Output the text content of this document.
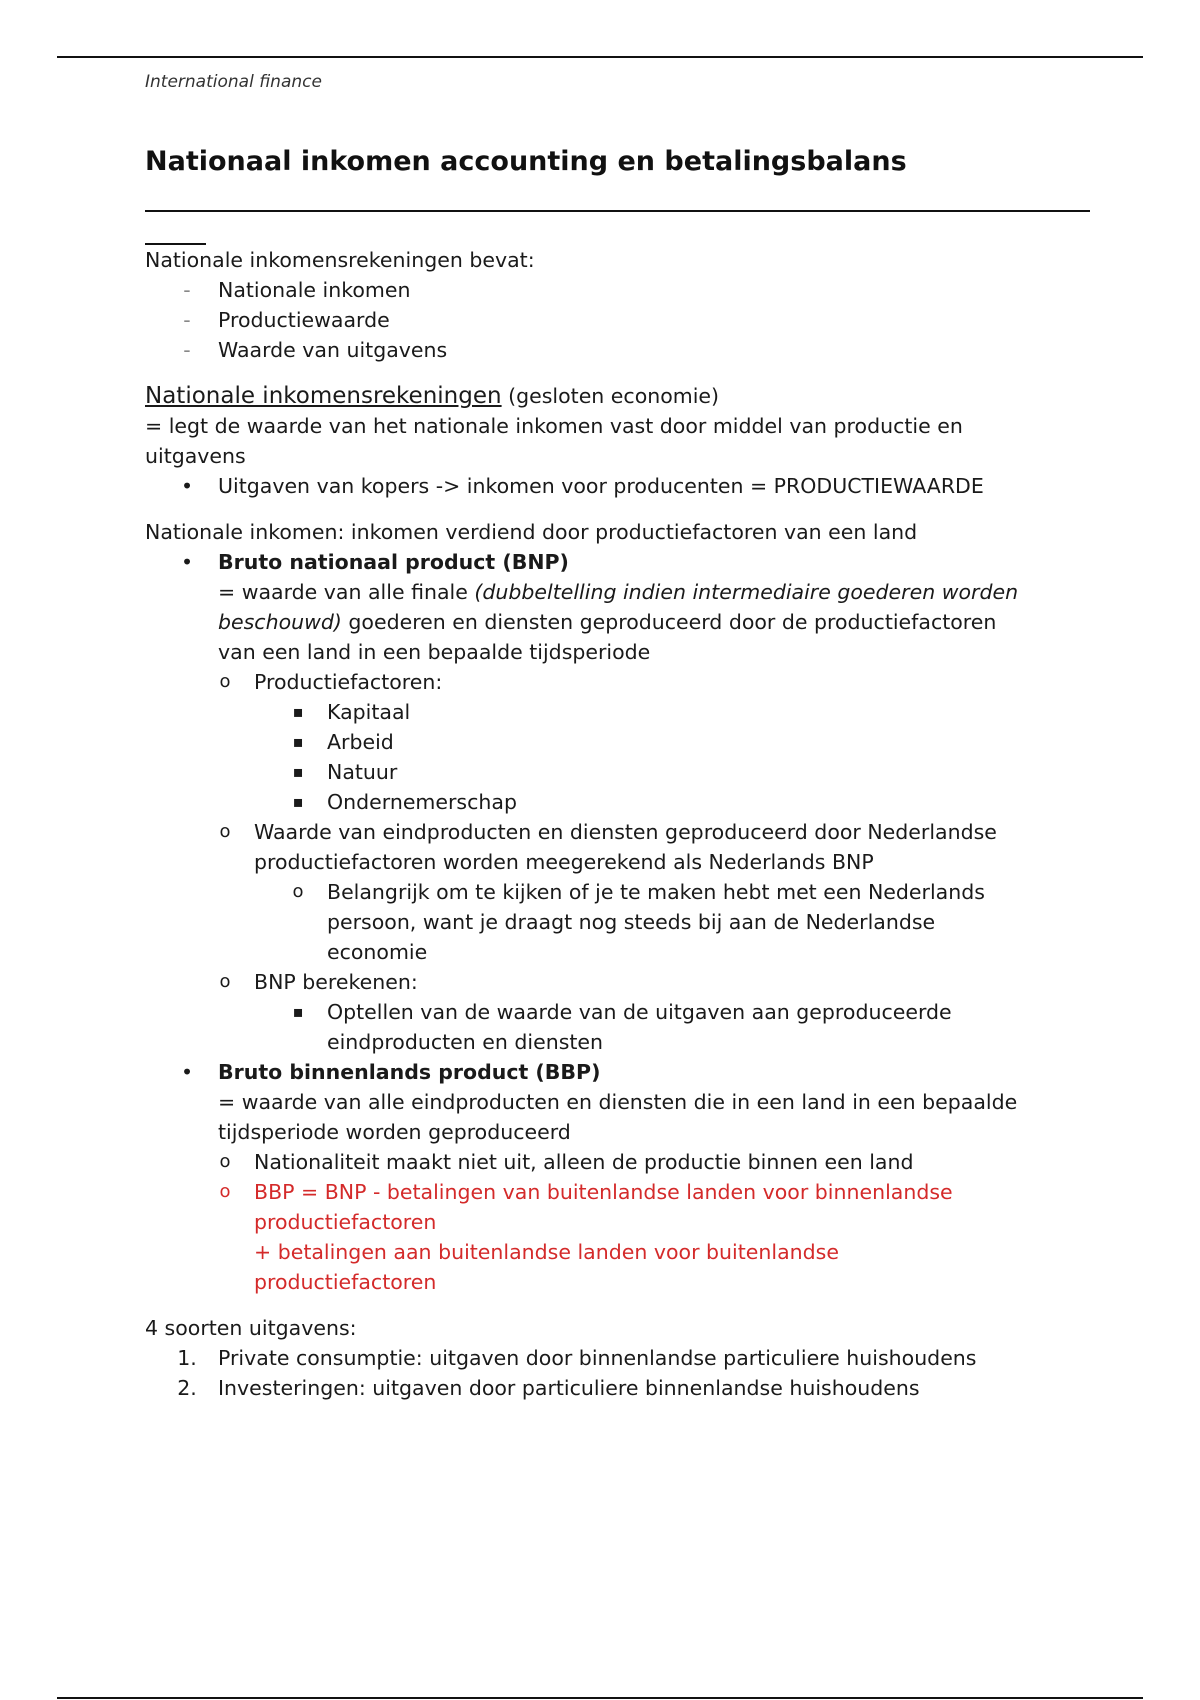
International finance
Nationaal inkomen accounting en betalingsbalans

Nationale inkomensrekeningen bevat:

-	Nationale inkomen
-	Productiewaarde
-	Waarde van uitgavens

Nationale inkomensrekeningen (gesloten economie)

= legt de waarde van het nationale inkomen vast door middel van productie en

uitgavens

• Uitgaven van kopers -> inkomen voor producenten = PRODUCTIEWAARDE

Nationale inkomen: inkomen verdiend door productiefactoren van een land

• Bruto nationaal product (BNP)
= waarde van alle finale (dubbeltelling indien intermediaire goederen worden
beschouwd) goederen en diensten geproduceerd door de productiefactoren
van een land in een bepaalde tijdsperiode
o Productiefactoren:
▪ Kapitaal
▪ Arbeid
▪ Natuur
▪ Ondernemerschap
o Waarde van eindproducten en diensten geproduceerd door Nederlandse
productiefactoren worden meegerekend als Nederlands BNP
o Belangrijk om te kijken of je te maken hebt met een Nederlands
persoon, want je draagt nog steeds bij aan de Nederlandse
economie
o BNP berekenen:
▪ Optellen van de waarde van de uitgaven aan geproduceerde
eindproducten en diensten
• Bruto binnenlands product (BBP)
= waarde van alle eindproducten en diensten die in een land in een bepaalde
tijdsperiode worden geproduceerd
o Nationaliteit maakt niet uit, alleen de productie binnen een land
o BBP = BNP - betalingen van buitenlandse landen voor binnenlandse
productiefactoren
+ betalingen aan buitenlandse landen voor buitenlandse
productiefactoren

4 soorten uitgavens:

1. Private consumptie: uitgaven door binnenlandse particuliere huishoudens
2. Investeringen: uitgaven door particuliere binnenlandse huishoudens
